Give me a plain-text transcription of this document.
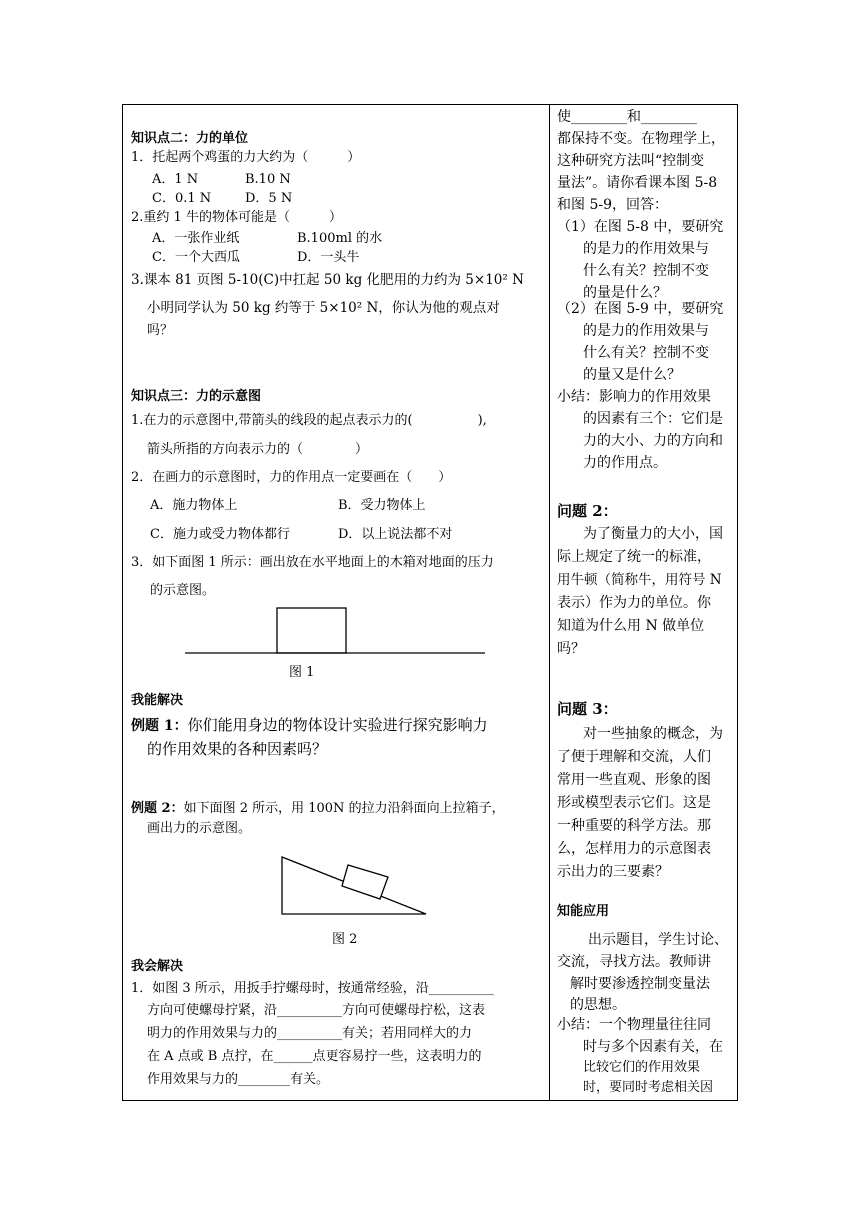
知识点二：力的单位
1．托起两个鸡蛋的力大约为（　　　）
A．1 N	B.10 N
C．0.1 N	D．5 N
2.重约 1 牛的物体可能是（　　　）
A．一张作业纸	B.100ml 的水
C．一个大西瓜	D．一头牛
3.课本 81 页图 5-10(C)中扛起 50 kg 化肥用的力约为 5×10² N
小明同学认为 50 kg 约等于 5×10² N，你认为他的观点对
吗？
知识点三：力的示意图
1.在力的示意图中,带箭头的线段的起点表示力的(　　　　　),
箭头所指的方向表示力的（　　　　）
2．在画力的示意图时，力的作用点一定要画在（　　）
A．施力物体上	B．受力物体上
C．施力或受力物体都行	D．以上说法都不对
3．如下面图 1 所示：画出放在水平地面上的木箱对地面的压力
的示意图。
图 1
我能解决
例题 1：你们能用身边的物体设计实验进行探究影响力
的作用效果的各种因素吗？
例题 2：如下面图 2 所示，用 100N 的拉力沿斜面向上拉箱子，
画出力的示意图。
图 2
我会解决
1．如图 3 所示，用扳手拧螺母时，按通常经验，沿__________
方向可使螺母拧紧，沿__________方向可使螺母拧松，这表
明力的作用效果与力的__________有关；若用同样大的力
在 A 点或 B 点拧，在______点更容易拧一些，这表明力的
作用效果与力的________有关。
使________和________
都保持不变。在物理学上，
这种研究方法叫“控制变
量法”。请你看课本图 5-8
和图 5-9，回答：
（1）在图 5-8 中，要研究
的是力的作用效果与
什么有关？控制不变
的量是什么？
（2）在图 5-9 中，要研究
的是力的作用效果与
什么有关？控制不变
的量又是什么？
小结：影响力的作用效果
的因素有三个：它们是
力的大小、力的方向和
力的作用点。
问题 2：
为了衡量力的大小，国
际上规定了统一的标准，
用牛顿（简称牛，用符号 N
表示）作为力的单位。你
知道为什么用 N 做单位
吗？
问题 3：
对一些抽象的概念，为
了便于理解和交流，人们
常用一些直观、形象的图
形或模型表示它们。这是
一种重要的科学方法。那
么，怎样用力的示意图表
示出力的三要素？
知能应用
出示题目，学生讨论、
交流，寻找方法。教师讲
解时要渗透控制变量法
的思想。
小结：一个物理量往往同
时与多个因素有关，在
比较它们的作用效果
时，要同时考虑相关因
